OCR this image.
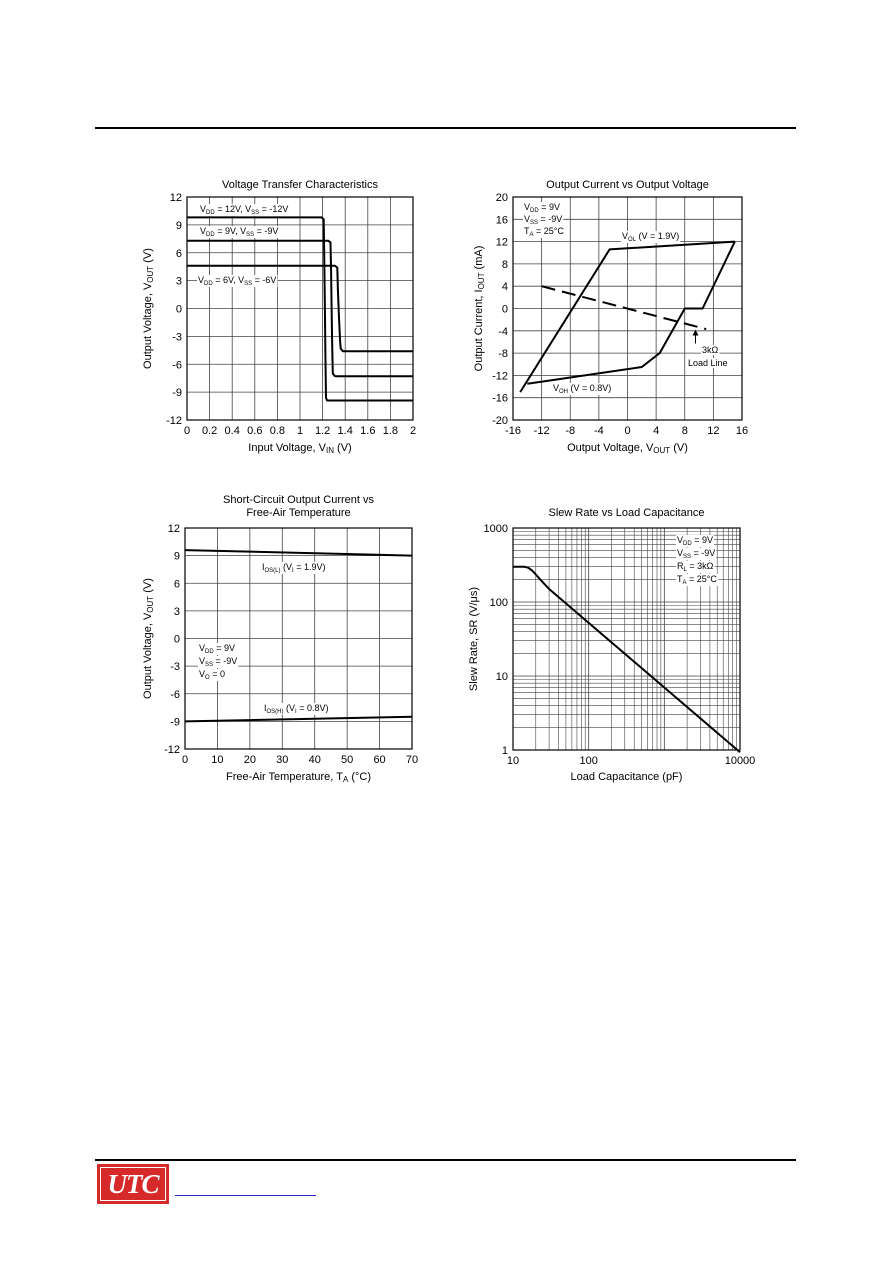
0 0.2 0.4 0.6 0.8 1 1.2 1.4 1.6 1.8 2
12
9
6
3
0
-3
-6
-9
-12
Voltage Transfer Characteristics
Input Voltage, VIN (V)
Output Voltage, VOUT (V)
$V_{DD} = 12V$, $V_{SS} = -12V$
$V_{DD} = 9V$, $V_{SS} = -9V$
$V_{DD} = 6V$, $V_{SS} = -6V$
-16 -12 -8 -4 0 4 8 12 16
20
16
12
8
4
0
-4
-8
-12
-16
-20
Output Current vs Output Voltage
Output Voltage, VOUT (V)
Output Current, IOUT (mA)
$V_{DD} = 9V$
$V_{SS} = -9V$
$T_A = 25^\circ C$	$V_{OL}$ (V = 1.9V)
$V_{OH}$ (V = 0.8V)
3kΩ
Load Line
0 10 20 30 40 50 60 70
12
9
6
3
0
-3
-6
-9
-12
Short-Circuit Output Current vs
Free-Air Temperature
Free-Air Temperature, TA (°C)
Output Voltage, VOUT (V)
$V_{DD} = 9V$
$V_{SS} = -9V$
$V_O = 0$
$I_{OS(L)}$ $(V_I = 1.9V)$
$I_{OS(H)}$ $(V_I = 0.8V)$
10	100	10000
1
10
100
1000
Slew Rate vs Load Capacitance
Load Capacitance (pF)
Slew Rate, SR (V/μs)
$V_{DD} = 9V$
$V_{SS} = -9V$
$R_L = 3k\Omega$
$T_A = 25^\circ C$
UTC
